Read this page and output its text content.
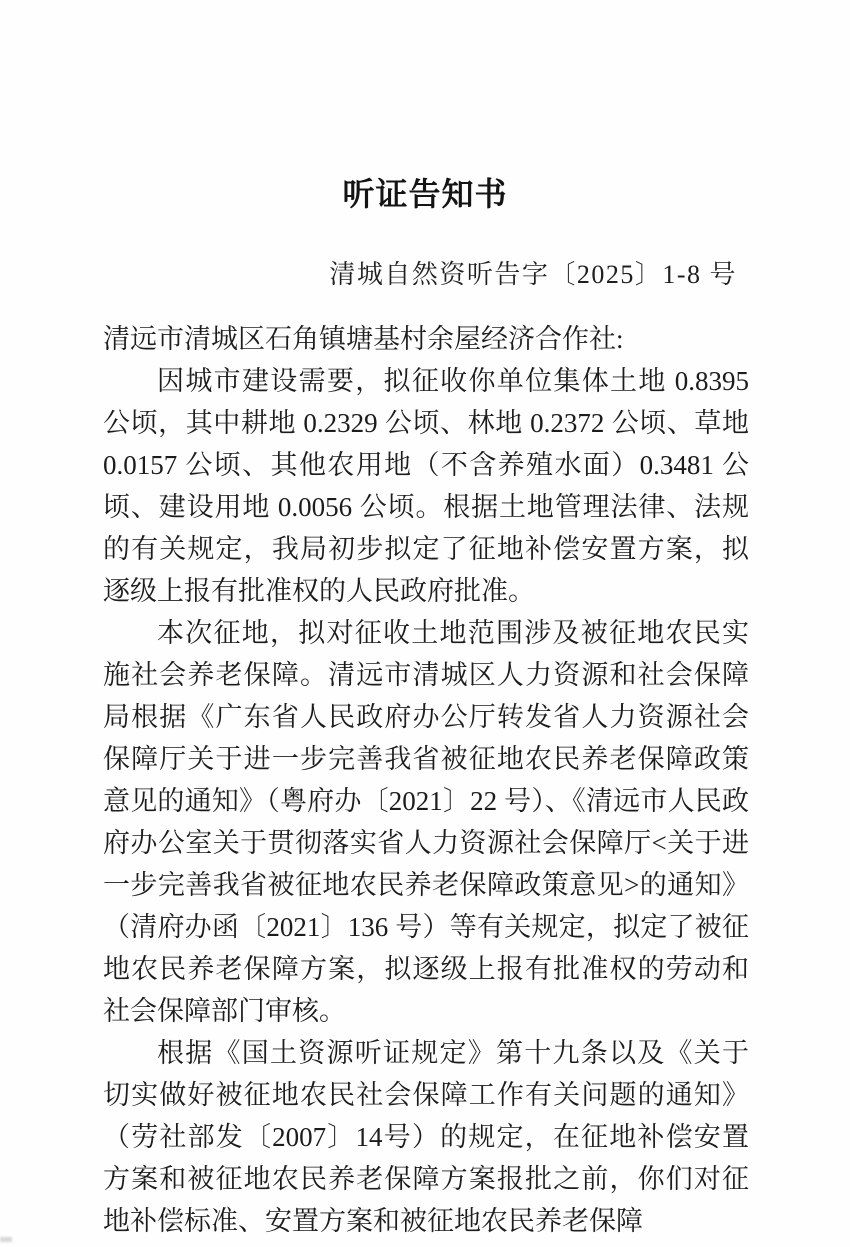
听证告知书
清城自然资听告字〔2025〕1-8 号

清远市清城区石角镇塘基村余屋经济合作社:

因城市建设需要，拟征收你单位集体土地 0.8395 公顷，其中耕地 0.2329 公顷、林地 0.2372 公顷、草地 0.0157 公顷、其他农用地（不含养殖水面）0.3481 公顷、建设用地 0.0056 公顷。根据土地管理法律、法规的有关规定，我局初步拟定了征地补偿安置方案，拟逐级上报有批准权的人民政府批准。

本次征地，拟对征收土地范围涉及被征地农民实施社会养老保障。清远市清城区人力资源和社会保障局根据《广东省人民政府办公厅转发省人力资源社会保障厅关于进一步完善我省被征地农民养老保障政策意见的通知》（粤府办〔2021〕22 号）、《清远市人民政府办公室关于贯彻落实省人力资源社会保障厅<关于进一步完善我省被征地农民养老保障政策意见>的通知》（清府办函〔2021〕136 号）等有关规定，拟定了被征地农民养老保障方案，拟逐级上报有批准权的劳动和社会保障部门审核。

根据《国土资源听证规定》第十九条以及《关于切实做好被征地农民社会保障工作有关问题的通知》（劳社部发〔2007〕14号）的规定，在征地补偿安置方案和被征地农民养老保障方案报批之前，你们对征地补偿标准、安置方案和被征地农民养老保障
